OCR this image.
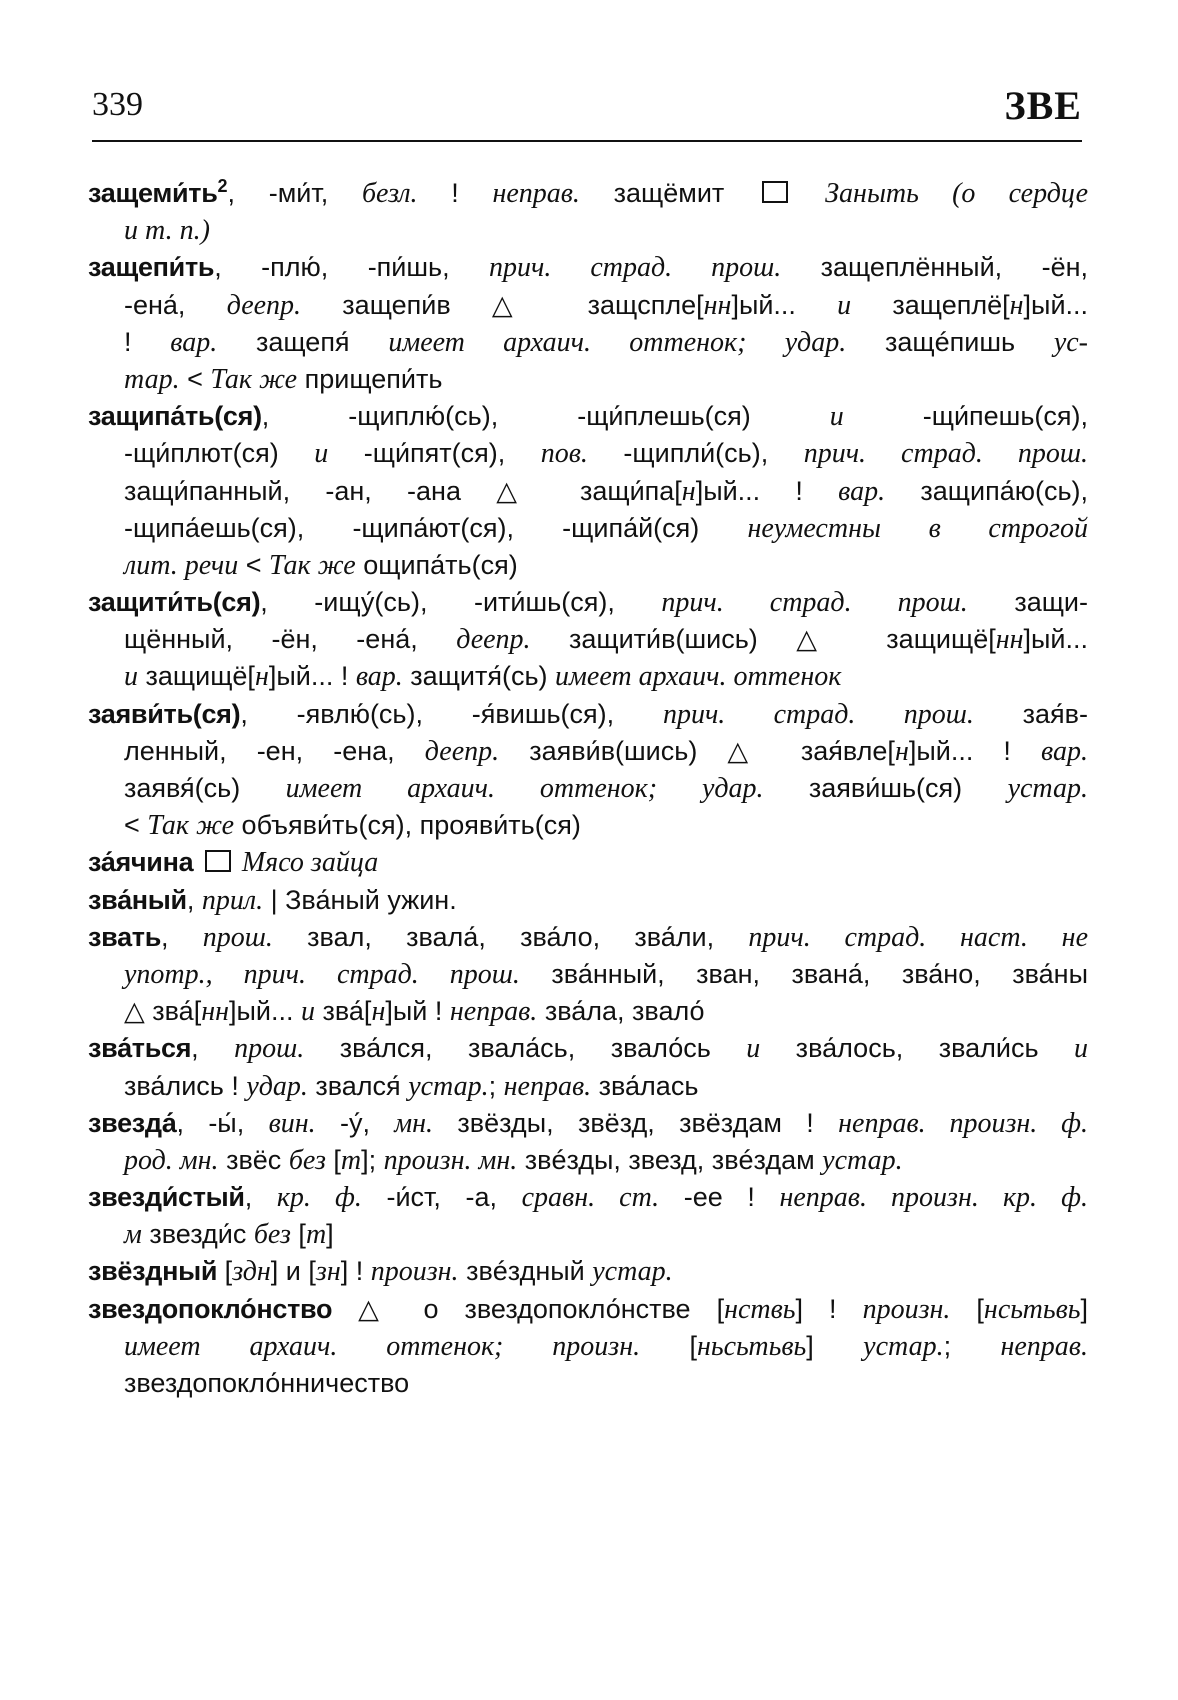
339	ЗВЕ
$защеми́ть^2$, -ми́т, безл. ! неправ. защёмит  Заныть (о сердце
и т. п.)
защепи́ть, -плю́, -пи́шь, прич. страд. прош. защеплённый, -ён,
-ена́, деепр. защепи́в △ защсплe[нн]ый... и защеплё[н]ый...
! вар. защепя́ имеет архаич. оттенок; удар. защéпишь ус-
тар. < Так же прищепи́ть
защипа́ть(ся), -щиплю́(сь), -щи́плешь(ся) и -щи́пешь(ся),
-щи́плют(ся) и -щи́пят(ся), пов. -щипли́(сь), прич. страд. прош.
защи́панный, -ан, -ана △ защи́па[н]ый... ! вар. защипа́ю(сь),
-щипа́ешь(ся), -щипа́ют(ся), -щипа́й(ся) неуместны в строгой
лит. речи < Так же ощипа́ть(ся)
защити́ть(ся), -ищу́(сь), -ити́шь(ся), прич. страд. прош. защи-
щённый, -ён, -ена́, деепр. защити́в(шись) △ защищё[нн]ый...
и защищё[н]ый... ! вар. защитя́(сь) имеет архаич. оттенок
заяви́ть(ся), -явлю́(сь), -я́вишь(ся), прич. страд. прош. зая́в-
ленный, -ен, -ена, деепр. заяви́в(шись) △ зая́вле[н]ый... ! вар.
заявя́(сь) имеет архаич. оттенок; удар. заяви́шь(ся) устар.
< Так же объяви́ть(ся), прояви́ть(ся)
за́ячина  Мясо зайца
зва́ный, прил. | Зва́ный ужин.
звать, прош. звал, звала́, зва́ло, зва́ли, прич. страд. наст. не
употр., прич. страд. прош. зва́нный, зван, звана́, зва́но, зва́ны
△ зва́[нн]ый... и зва́[н]ый ! неправ. зва́ла, звало́
зва́ться, прош. зва́лся, звала́сь, звало́сь и зва́лось, звали́сь и
зва́лись ! удар. звался́ устар.; неправ. зва́лась
звезда́, -ы́, вин. -у́, мн. звёзды, звёзд, звёздам ! неправ. произн. ф.
род. мн. звёс без [т]; произн. мн. звéзды, звезд, звéздам устар.
звезди́стый, кр. ф. -и́ст, -а, сравн. ст. -ее ! неправ. произн. кр. ф.
м звезди́с без [т]
звёздный [здн] и [зн] ! произн. звéздный устар.
звездопокло́нство △ о звездопокло́нстве [нствь] ! произн. [нсьтьвь]
имеет архаич. оттенок; произн. [ньсьтьвь] устар.; неправ.
звездопокло́нничество
